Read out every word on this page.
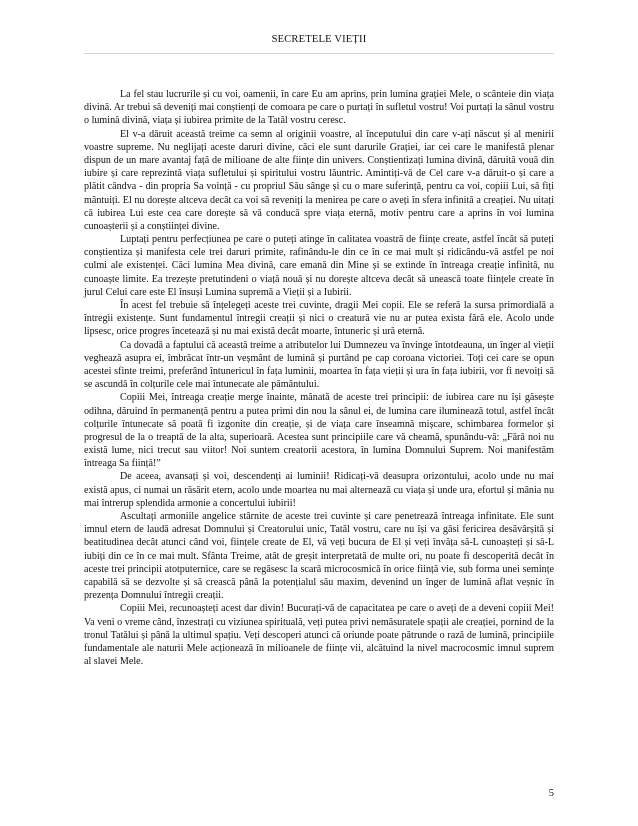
SECRETELE VIEȚII

La fel stau lucrurile și cu voi, oamenii, în care Eu am aprins, prin lumina grației Mele, o scânteie din viața divină. Ar trebui să deveniți mai conștienți de comoara pe care o purtați în sufletul vostru! Voi purtați la sânul vostru o lumină divină, viața și iubirea primite de la Tatăl vostru ceresc.

El v-a dăruit această treime ca semn al originii voastre, al începutului din care v-ați născut și al menirii voastre supreme. Nu neglijați aceste daruri divine, căci ele sunt darurile Grației, iar cei care le manifestă plenar dispun de un mare avantaj față de milioane de alte ființe din univers. Conștientizați lumina divină, dăruită vouă din iubire și care reprezintă viața sufletului și spiritului vostru lăuntric. Amintiți-vă de Cel care v-a dăruit-o și care a plătit cândva - din propria Sa voință - cu propriul Său sânge și cu o mare suferință, pentru ca voi, copiii Lui, să fiți mântuiți. El nu dorește altceva decât ca voi să reveniți la menirea pe care o aveți în sfera infinită a creației. Nu uitați că iubirea Lui este cea care dorește să vă conducă spre viața eternă, motiv pentru care a aprins în voi lumina cunoașterii și a conștiinței divine.

Luptați pentru perfecțiunea pe care o puteți atinge în calitatea voastră de ființe create, astfel încât să puteți conștientiza și manifesta cele trei daruri primite, rafinându-le din ce în ce mai mult și ridicându-vă astfel pe noi culmi ale existenței. Căci lumina Mea divină, care emană din Mine și se extinde în întreaga creație infinită, nu cunoaște limite. Ea trezește pretutindeni o viață nouă și nu dorește altceva decât să unească toate ființele create în jurul Celui care este El însuși Lumina supremă a Vieții și a Iubirii.

În acest fel trebuie să înțelegeți aceste trei cuvinte, dragii Mei copii. Ele se referă la sursa primordială a întregii existențe. Sunt fundamentul întregii creații și nici o creatură vie nu ar putea exista fără ele. Acolo unde lipsesc, orice progres încetează și nu mai există decât moarte, întuneric și ură eternă.

Ca dovadă a faptului că această treime a atributelor lui Dumnezeu va învinge întotdeauna, un înger al vieții veghează asupra ei, îmbrăcat într-un veșmânt de lumină și purtând pe cap coroana victoriei. Toți cei care se opun acestei sfinte treimi, preferând întunericul în fața luminii, moartea în fața vieții și ura în fața iubirii, vor fi nevoiți să se ascundă în colțurile cele mai întunecate ale pământului.

Copiii Mei, întreaga creație merge înainte, mânată de aceste trei principii: de iubirea care nu își găsește odihna, dăruind în permanență pentru a putea primi din nou la sânul ei, de lumina care iluminează totul, astfel încât colțurile întunecate să poată fi izgonite din creație, și de viața care înseamnă mișcare, schimbarea formelor și progresul de la o treaptă de la alta, superioară. Acestea sunt principiile care vă cheamă, spunându-vă: „Fără noi nu există lume, nici trecut sau viitor! Noi suntem creatorii acestora, în lumina Domnului Suprem. Noi manifestăm întreaga Sa ființă!”

De aceea, avansați și voi, descendenți ai luminii! Ridicați-vă deasupra orizontului, acolo unde nu mai există apus, ci numai un răsărit etern, acolo unde moartea nu mai alternează cu viața și unde ura, efortul și mânia nu mai întrerup splendida armonie a concertului iubirii!

Ascultați armoniile angelice stârnite de aceste trei cuvinte și care penetrează întreaga infinitate. Ele sunt imnul etern de laudă adresat Domnului și Creatorului unic, Tatăl vostru, care nu își va găsi fericirea desăvârșită și beatitudinea decât atunci când voi, ființele create de El, vă veți bucura de El și veți învăța să-L cunoașteți și să-L iubiți din ce în ce mai mult. Sfânta Treime, atât de greșit interpretată de multe ori, nu poate fi descoperită decât în aceste trei principii atotputernice, care se regăsesc la scară microcosmică în orice ființă vie, sub forma unei semințe capabilă să se dezvolte și să crească până la potențialul său maxim, devenind un înger de lumină aflat veșnic în prezența Domnului întregii creații.

Copiii Mei, recunoașteți acest dar divin! Bucurați-vă de capacitatea pe care o aveți de a deveni copiii Mei! Va veni o vreme când, înzestrați cu viziunea spirituală, veți putea privi nemăsuratele spații ale creației, pornind de la tronul Tatălui și până la ultimul spațiu. Veți descoperi atunci că oriunde poate pătrunde o rază de lumină, principiile fundamentale ale naturii Mele acționează în milioanele de ființe vii, alcătuind la nivel macrocosmic imnul suprem al slavei Mele.

5
